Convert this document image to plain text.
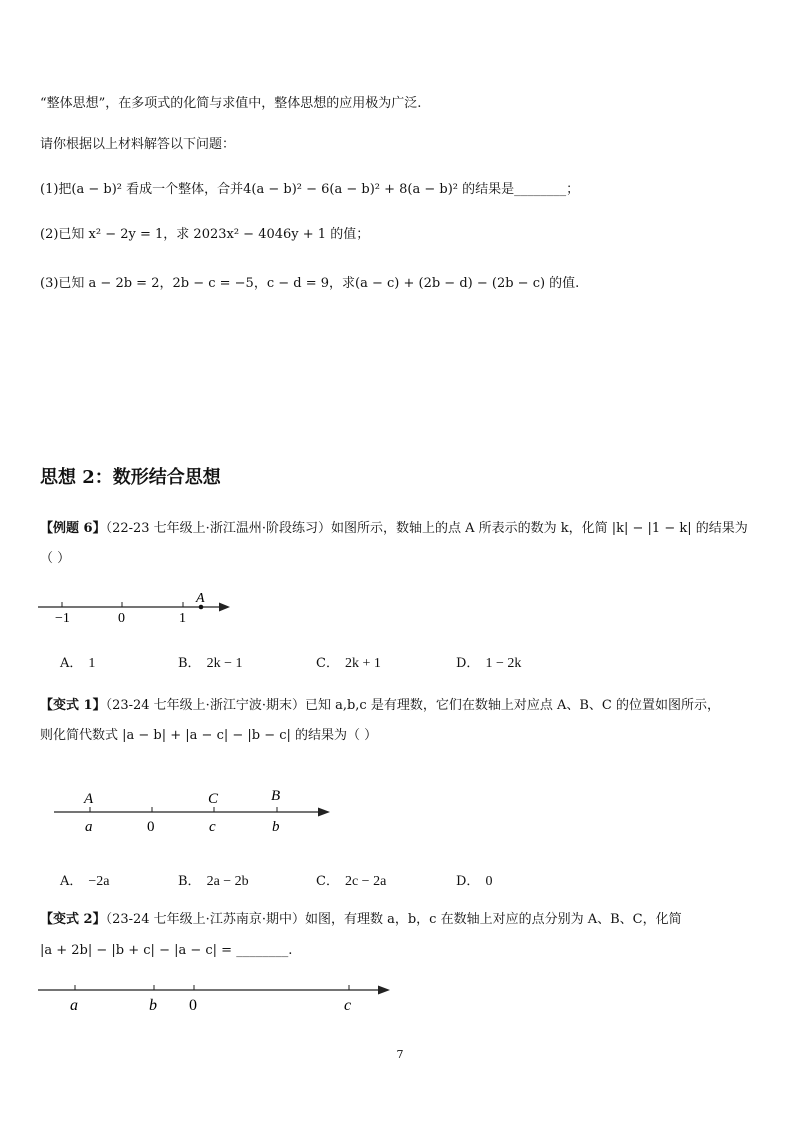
“整体思想”，在多项式的化简与求值中，整体思想的应用极为广泛.
请你根据以上材料解答以下问题：
(1)把(a − b)² 看成一个整体，合并4(a − b)² − 6(a − b)² + 8(a − b)² 的结果是________；
(2)已知 x² − 2y = 1，求 2023x² − 4046y + 1 的值；
(3)已知 a − 2b = 2，2b − c = −5，c − d = 9，求(a − c) + (2b − d) − (2b − c) 的值.
思想 2：数形结合思想
【例题 6】（22-23 七年级上·浙江温州·阶段练习）如图所示，数轴上的点 A 所表示的数为 k，化简 |k| − |1 − k| 的结果为
（ ）
−1	0	1
A
A． 1	B． 2k − 1	C． 2k + 1	D． 1 − 2k
【变式 1】（23-24 七年级上·浙江宁波·期末）已知 a,b,c 是有理数，它们在数轴上对应点 A、B、C 的位置如图所示，
则化简代数式 |a − b| + |a − c| − |b − c| 的结果为（ ）
A	C	B
a	0	c	b
A． −2a	B． 2a − 2b	C． 2c − 2a	D． 0
【变式 2】（23-24 七年级上·江苏南京·期中）如图，有理数 a，b，c 在数轴上对应的点分别为 A、B、C，化简
|a + 2b| − |b + c| − |a − c| = ________.
a	b 0	c
7
